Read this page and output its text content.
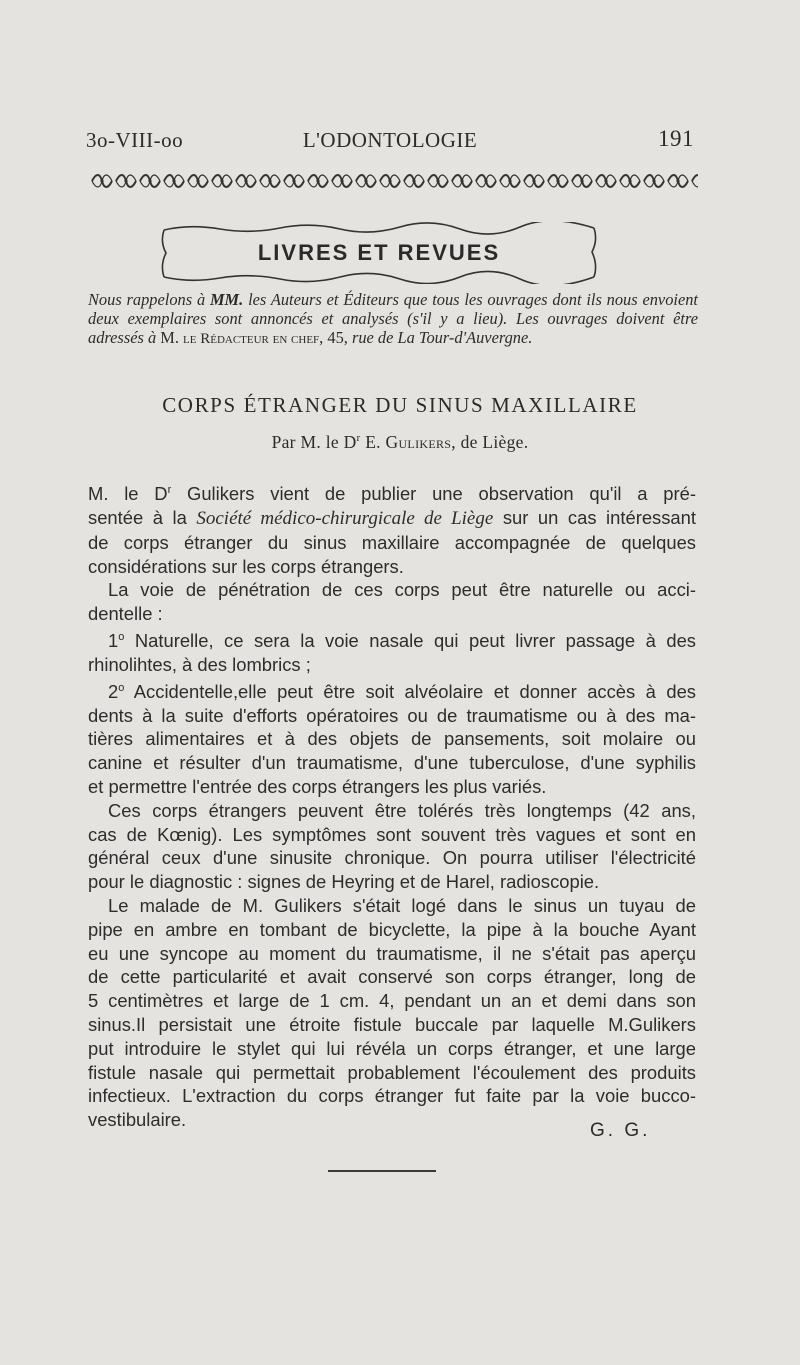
3o-VIII-oo	L'ODONTOLOGIE	191
LIVRES ET REVUES
Nous rappelons à MM. les Auteurs et Éditeurs que tous les ouvrages dont ils nous envoient deux exemplaires sont annoncés et analysés (s'il y a lieu). Les ouvrages doivent être adressés à M. le Rédacteur en chef, 45, rue de La Tour-d'Auvergne.
CORPS ÉTRANGER DU SINUS MAXILLAIRE
Par M. le $D^r$ E. Gulikers, de Liège.

M. le $D^r$ Gulikers vient de publier une observation qu'il a pré-
sentée à la Société médico-chirurgicale de Liège sur un cas intéressant
de corps étranger du sinus maxillaire accompagnée de quelques
considérations sur les corps étrangers.

La voie de pénétration de ces corps peut être naturelle ou acci-
dentelle :

1$^o$ Naturelle, ce sera la voie nasale qui peut livrer passage à des
rhinolihtes, à des lombrics ;

2$^o$ Accidentelle,elle peut être soit alvéolaire et donner accès à des
dents à la suite d'efforts opératoires ou de traumatisme ou à des ma-
tières alimentaires et à des objets de pansements, soit molaire ou
canine et résulter d'un traumatisme, d'une tuberculose, d'une syphilis
et permettre l'entrée des corps étrangers les plus variés.

Ces corps étrangers peuvent être tolérés très longtemps (42 ans,
cas de Kœnig). Les symptômes sont souvent très vagues et sont en
général ceux d'une sinusite chronique. On pourra utiliser l'électricité
pour le diagnostic : signes de Heyring et de Harel, radioscopie.

Le malade de M. Gulikers s'était logé dans le sinus un tuyau de
pipe en ambre en tombant de bicyclette, la pipe à la bouche Ayant
eu une syncope au moment du traumatisme, il ne s'était pas aperçu
de cette particularité et avait conservé son corps étranger, long de
5 centimètres et large de 1 cm. 4, pendant un an et demi dans son
sinus.Il persistait une étroite fistule buccale par laquelle M.Gulikers
put introduire le stylet qui lui révéla un corps étranger, et une large
fistule nasale qui permettait probablement l'écoulement des produits
infectieux. L'extraction du corps étranger fut faite par la voie bucco-
vestibulaire.

G. G.
